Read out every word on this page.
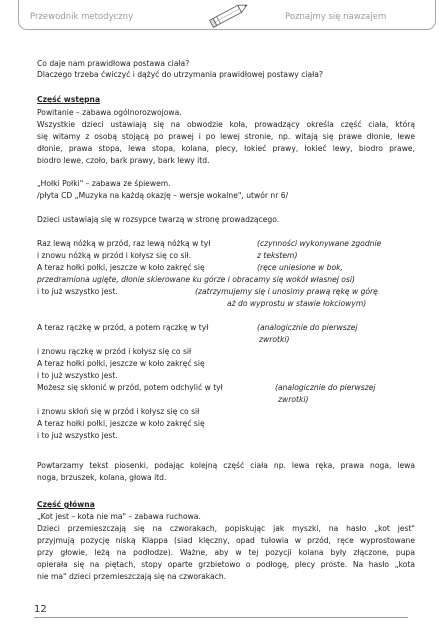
Przewodnik metodyczny	Poznajmy się nawzajem
Co daje nam prawidłowa postawa ciała?
Dlaczego trzeba ćwiczyć i dążyć do utrzymania prawidłowej postawy ciała?
Część wstępna
Powitanie – zabawa ogólnorozwojowa.
Wszystkie dzieci ustawiają się na obwodzie koła, prowadzący określa część ciała, którą
się witamy z osobą stojącą po prawej i po lewej stronie, np. witają się prawe dłonie, lewe
dłonie, prawa stopa, lewa stopa, kolana, plecy, łokieć prawy, łokieć lewy, biodro prawe,
biodro lewe, czoło, bark prawy, bark lewy itd.
„Hołki Połki" – zabawa ze śpiewem.
/płyta CD „Muzyka na każdą okazję – wersje wokalne", utwór nr 6/
Dzieci ustawiają się w rozsypce twarzą w stronę prowadzącego.
Raz lewą nóżką w przód, raz lewą nóżką w tył	(czynności wykonywane zgodnie
i znowu nóżką w przód i kołysz się co sił.	z tekstem)
A teraz hołki połki, jeszcze w koło zakręć się	(ręce uniesione w bok,
przedramiona ugięte, dłonie skierowane ku górze i obracamy się wokół własnej osi)
i to już wszystko jest.	(zatrzymujemy się i unosimy prawą rękę w górę
aż do wyprostu w stawie łokciowym)
A teraz rączkę w przód, a potem rączkę w tył	(analogicznie do pierwszej
zwrotki)
i znowu rączkę w przód i kołysz się co sił
A teraz hołki połki, jeszcze w koło zakręć się
i to już wszystko jest.
Możesz się skłonić w przód, potem odchylić w tył	(analogicznie do pierwszej
zwrotki)
i znowu skłoń się w przód i kołysz się co sił
A teraz hołki połki, jeszcze w koło zakręć się
i to już wszystko jest.
Powtarzamy tekst piosenki, podając kolejną część ciała np. lewa ręka, prawa noga, lewa
noga, brzuszek, kolana, głowa itd.
Część główna
„Kot jest – kota nie ma" – zabawa ruchowa.
Dzieci przemieszczają się na czworakach, popiskując jak myszki, na hasło „kot jest"
przyjmują pozycję niską Klappa (siad klęczny, opad tułowia w przód, ręce wyprostowane
przy głowie, leżą na podłodze). Ważne, aby w tej pozycji kolana były złączone, pupa
opierała się na piętach, stopy oparte grzbietowo o podłogę, plecy proste. Na hasło „kota
nie ma" dzieci przemieszczają się na czworakach.
12
